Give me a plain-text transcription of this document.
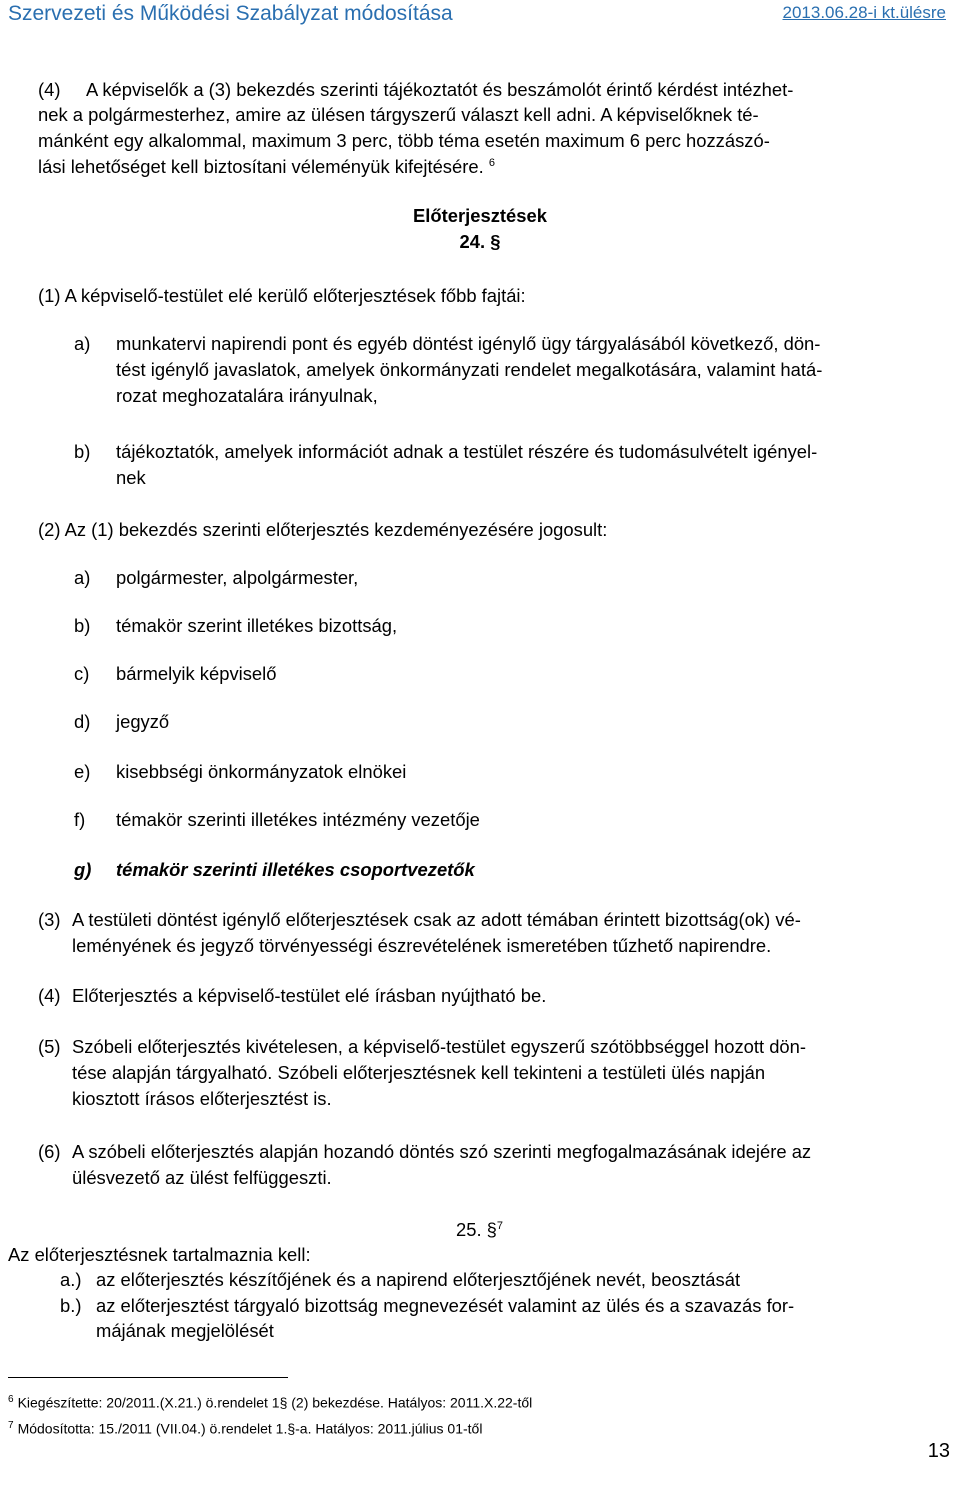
Szervezeti és Működési Szabályzat módosítása	2013.06.28-i kt.ülésre
(4) A képviselők a (3) bekezdés szerinti tájékoztatót és beszámolót érintő kérdést intézhet-
nek a polgármesterhez, amire az ülésen tárgyszerű választ kell adni. A képviselőknek té-
mánként egy alkalommal, maximum 3 perc, több téma esetén maximum 6 perc hozzászó-
lási lehetőséget kell biztosítani véleményük kifejtésére. $^6$
Előterjesztések
24. §
(1) A képviselő-testület elé kerülő előterjesztések főbb fajtái:
a) munkatervi napirendi pont és egyéb döntést igénylő ügy tárgyalásából következő, dön-
tést igénylő javaslatok, amelyek önkormányzati rendelet megalkotására, valamint hatá-
rozat meghozatalára irányulnak,
b) tájékoztatók, amelyek információt adnak a testület részére és tudomásulvételt igényel-
nek
(2) Az (1) bekezdés szerinti előterjesztés kezdeményezésére jogosult:
a) polgármester, alpolgármester,
b) témakör szerint illetékes bizottság,
c) bármelyik képviselő
d) jegyző
e) kisebbségi önkormányzatok elnökei
f) témakör szerinti illetékes intézmény vezetője
g) témakör szerinti illetékes csoportvezetők
(3) A testületi döntést igénylő előterjesztések csak az adott témában érintett bizottság(ok) vé-
leményének és jegyző törvényességi észrevételének ismeretében tűzhető napirendre.
(4) Előterjesztés a képviselő-testület elé írásban nyújtható be.
(5) Szóbeli előterjesztés kivételesen, a képviselő-testület egyszerű szótöbbséggel hozott dön-
tése alapján tárgyalható. Szóbeli előterjesztésnek kell tekinteni a testületi ülés napján
kiosztott írásos előterjesztést is.
(6) A szóbeli előterjesztés alapján hozandó döntés szó szerinti megfogalmazásának idejére az
ülésvezető az ülést felfüggeszti.
25. §$^7$
Az előterjesztésnek tartalmaznia kell:
a.) az előterjesztés készítőjének és a napirend előterjesztőjének nevét, beosztását
b.) az előterjesztést tárgyaló bizottság megnevezését valamint az ülés és a szavazás for-
májának megjelölését
$^6$ Kiegészítette: 20/2011.(X.21.) ö.rendelet 1§ (2) bekezdése. Hatályos: 2011.X.22-től
$^7$ Módosította: 15./2011 (VII.04.) ö.rendelet 1.§-a. Hatályos: 2011.július 01-től
13
